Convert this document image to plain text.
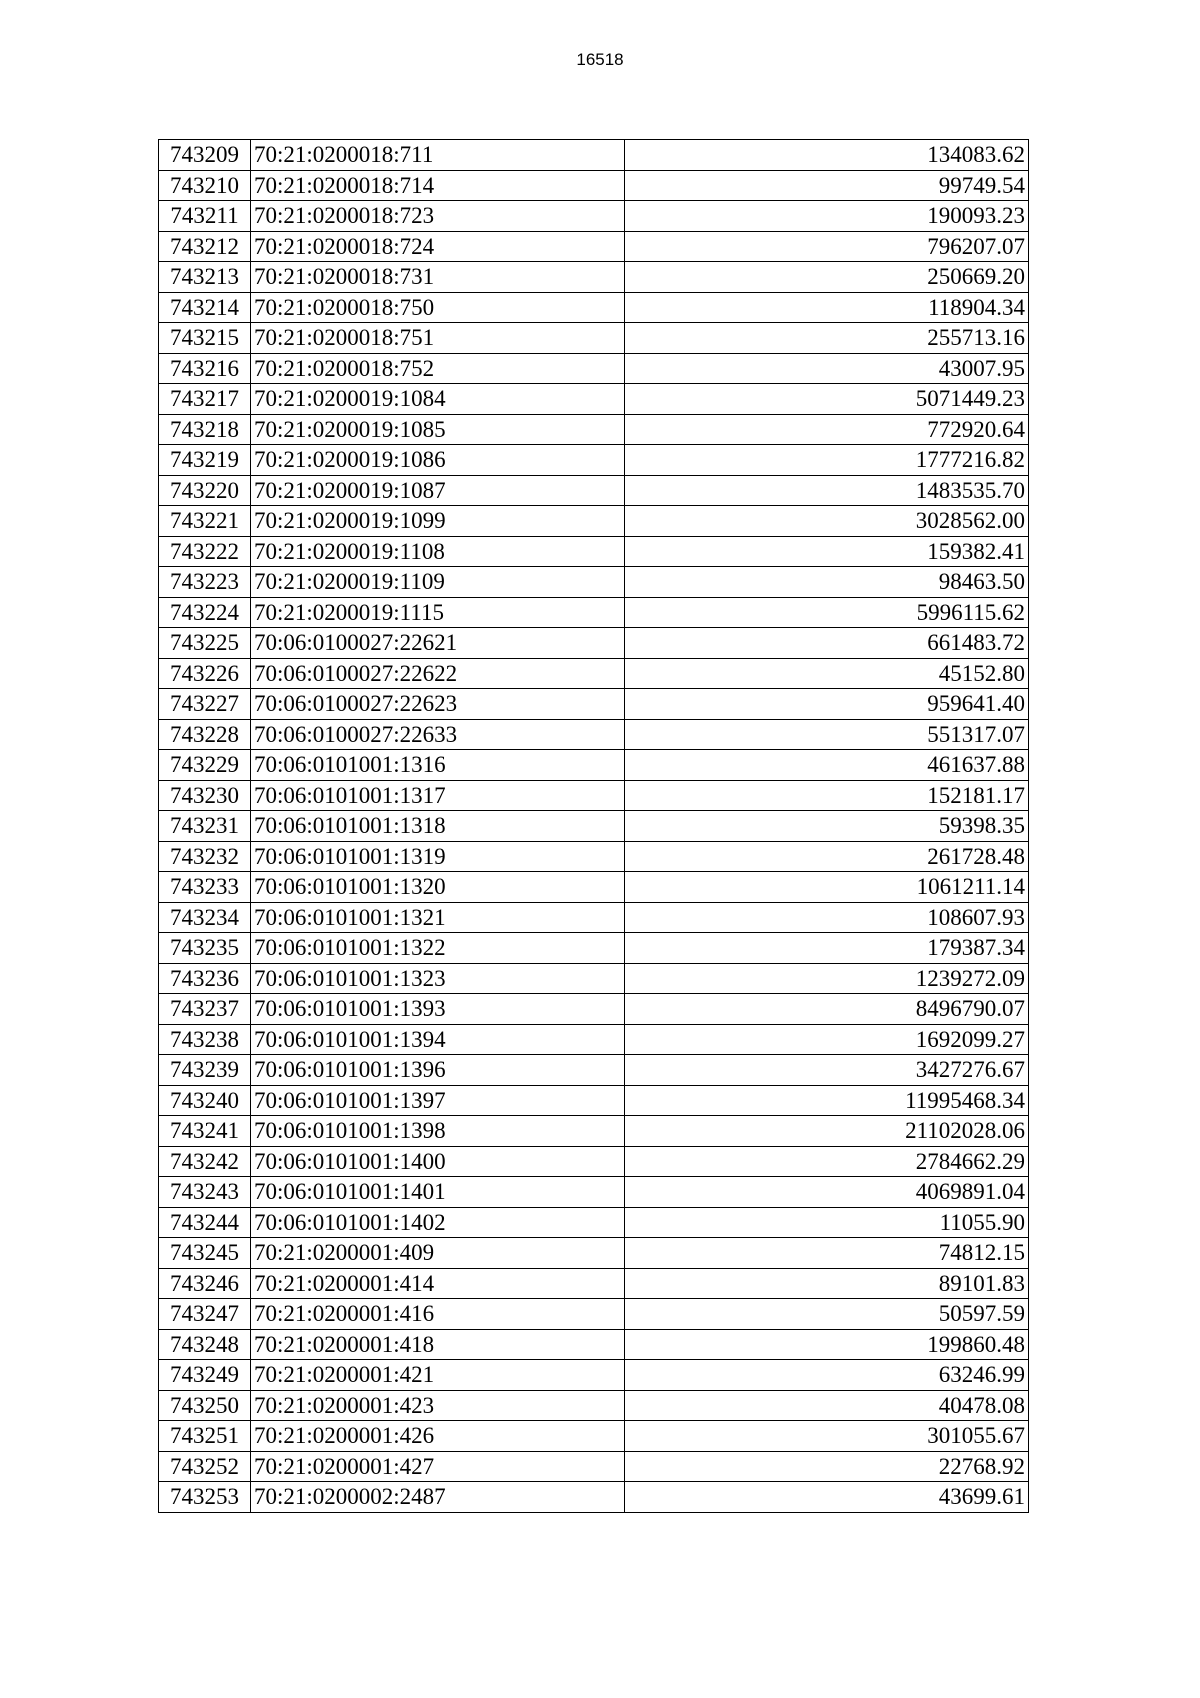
16518
743209	70:21:0200018:711	134083.62
743210	70:21:0200018:714	99749.54
743211	70:21:0200018:723	190093.23
743212	70:21:0200018:724	796207.07
743213	70:21:0200018:731	250669.20
743214	70:21:0200018:750	118904.34
743215	70:21:0200018:751	255713.16
743216	70:21:0200018:752	43007.95
743217	70:21:0200019:1084	5071449.23
743218	70:21:0200019:1085	772920.64
743219	70:21:0200019:1086	1777216.82
743220	70:21:0200019:1087	1483535.70
743221	70:21:0200019:1099	3028562.00
743222	70:21:0200019:1108	159382.41
743223	70:21:0200019:1109	98463.50
743224	70:21:0200019:1115	5996115.62
743225	70:06:0100027:22621	661483.72
743226	70:06:0100027:22622	45152.80
743227	70:06:0100027:22623	959641.40
743228	70:06:0100027:22633	551317.07
743229	70:06:0101001:1316	461637.88
743230	70:06:0101001:1317	152181.17
743231	70:06:0101001:1318	59398.35
743232	70:06:0101001:1319	261728.48
743233	70:06:0101001:1320	1061211.14
743234	70:06:0101001:1321	108607.93
743235	70:06:0101001:1322	179387.34
743236	70:06:0101001:1323	1239272.09
743237	70:06:0101001:1393	8496790.07
743238	70:06:0101001:1394	1692099.27
743239	70:06:0101001:1396	3427276.67
743240	70:06:0101001:1397	11995468.34
743241	70:06:0101001:1398	21102028.06
743242	70:06:0101001:1400	2784662.29
743243	70:06:0101001:1401	4069891.04
743244	70:06:0101001:1402	11055.90
743245	70:21:0200001:409	74812.15
743246	70:21:0200001:414	89101.83
743247	70:21:0200001:416	50597.59
743248	70:21:0200001:418	199860.48
743249	70:21:0200001:421	63246.99
743250	70:21:0200001:423	40478.08
743251	70:21:0200001:426	301055.67
743252	70:21:0200001:427	22768.92
743253	70:21:0200002:2487	43699.61
